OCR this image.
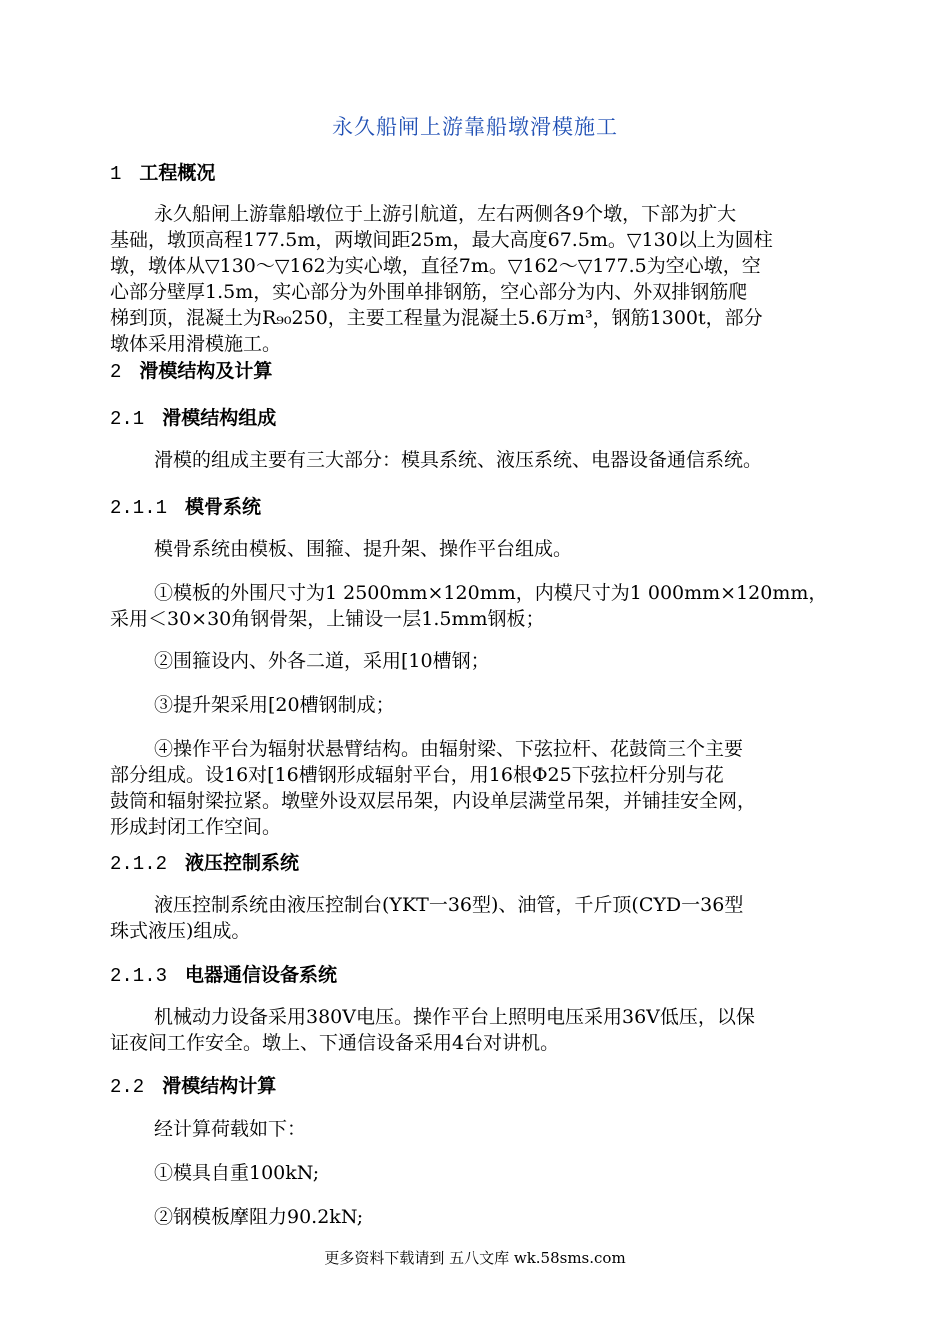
永久船闸上游靠船墩滑模施工
1 工程概况
永久船闸上游靠船墩位于上游引航道，左右两侧各9个墩，下部为扩大
基础，墩顶高程177.5m，两墩间距25m，最大高度67.5m。▽130以上为圆柱
墩，墩体从▽130～▽162为实心墩，直径7m。▽162～▽177.5为空心墩，空
心部分壁厚1.5m，实心部分为外围单排钢筋，空心部分为内、外双排钢筋爬
梯到顶，混凝土为R₉₀250，主要工程量为混凝土5.6万m³，钢筋1300t，部分
墩体采用滑模施工。
2 滑模结构及计算
2.1 滑模结构组成
滑模的组成主要有三大部分：模具系统、液压系统、电器设备通信系统。
2.1.1 模骨系统
模骨系统由模板、围箍、提升架、操作平台组成。
①模板的外围尺寸为1 2500mm×120mm，内模尺寸为1 000mm×120mm，
采用＜30×30角钢骨架，上铺设一层1.5mm钢板；
②围箍设内、外各二道，采用[10槽钢；
③提升架采用[20槽钢制成；
④操作平台为辐射状悬臂结构。由辐射梁、下弦拉杆、花鼓筒三个主要
部分组成。设16对[16槽钢形成辐射平台，用16根Φ25下弦拉杆分别与花
鼓筒和辐射梁拉紧。墩壁外设双层吊架，内设单层满堂吊架，并铺挂安全网，
形成封闭工作空间。
2.1.2 液压控制系统
液压控制系统由液压控制台(YKT一36型)、油管，千斤顶(CYD一36型
珠式液压)组成。
2.1.3 电器通信设备系统
机械动力设备采用380V电压。操作平台上照明电压采用36V低压，以保
证夜间工作安全。墩上、下通信设备采用4台对讲机。
2.2 滑模结构计算
经计算荷载如下：
①模具自重100kN;
②钢模板摩阻力90.2kN;
更多资料下载请到 五八文库 wk.58sms.com
